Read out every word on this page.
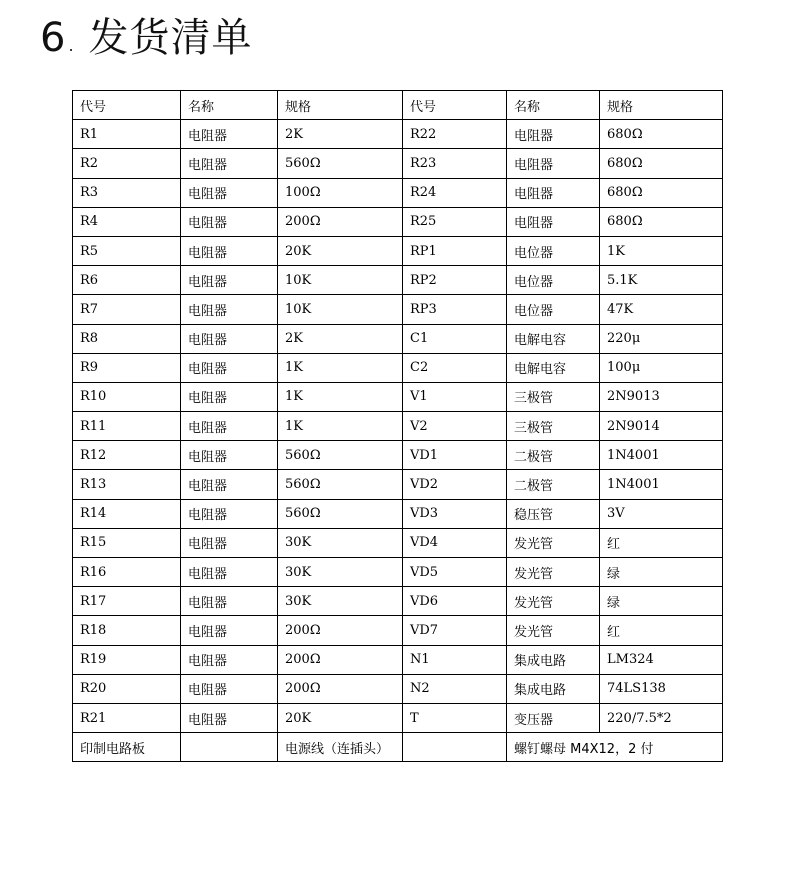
6 . 发货清单
代号	名称	规格	代号	名称	规格
R1	电阻器	2K	R22	电阻器	680Ω
R2	电阻器	560Ω	R23	电阻器	680Ω
R3	电阻器	100Ω	R24	电阻器	680Ω
R4	电阻器	200Ω	R25	电阻器	680Ω
R5	电阻器	20K	RP1	电位器	1K
R6	电阻器	10K	RP2	电位器	5.1K
R7	电阻器	10K	RP3	电位器	47K
R8	电阻器	2K	C1	电解电容	220μ
R9	电阻器	1K	C2	电解电容	100μ
R10	电阻器	1K	V1	三极管	2N9013
R11	电阻器	1K	V2	三极管	2N9014
R12	电阻器	560Ω	VD1	二极管	1N4001
R13	电阻器	560Ω	VD2	二极管	1N4001
R14	电阻器	560Ω	VD3	稳压管	3V
R15	电阻器	30K	VD4	发光管	红
R16	电阻器	30K	VD5	发光管	绿
R17	电阻器	30K	VD6	发光管	绿
R18	电阻器	200Ω	VD7	发光管	红
R19	电阻器	200Ω	N1	集成电路	LM324
R20	电阻器	200Ω	N2	集成电路	74LS138
R21	电阻器	20K	T	变压器	220/7.5*2
印制电路板		电源线（连插头）		螺钉螺母 M4X12，2 付	
